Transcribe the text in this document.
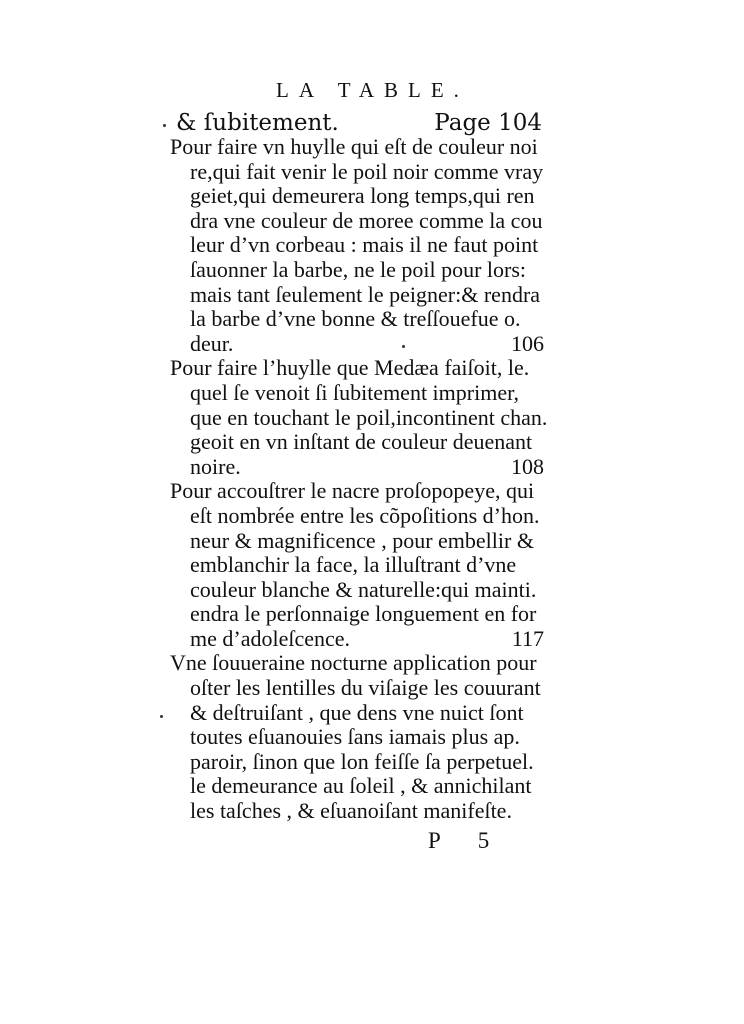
LA TABLE.
& ſubitement.	Page 104
Pour faire vn huylle qui eſt de couleur noi
re,qui fait venir le poil noir comme vray
geiet,qui demeurera long temps,qui ren
dra vne couleur de moree comme la cou
leur d’vn corbeau : mais il ne faut point
ſauonner la barbe, ne le poil pour lors:
mais tant ſeulement le peigner:& rendra
la barbe d’vne bonne & treſſouefue o.
deur.	106
Pour faire l’huylle que Medæa faiſoit, le.
quel ſe venoit ſi ſubitement imprimer,
que en touchant le poil,incontinent chan.
geoit en vn inſtant de couleur deuenant
noire.	108
Pour accouſtrer le nacre proſopopeye, qui
eſt nombrée entre les cõpoſitions d’hon.
neur & magnificence , pour embellir &
emblanchir la face, la illuſtrant d’vne
couleur blanche & naturelle:qui mainti.
endra le perſonnaige longuement en for
me d’adoleſcence.	117
Vne ſouueraine nocturne application pour
oſter les lentilles du viſaige les couurant
& deſtruiſant , que dens vne nuict ſont
toutes eſuanouies ſans iamais plus ap.
paroir, ſinon que lon feiſſe ſa perpetuel.
le demeurance au ſoleil , & annichilant
les taſches , & eſuanoiſant manifeſte.
P 5
